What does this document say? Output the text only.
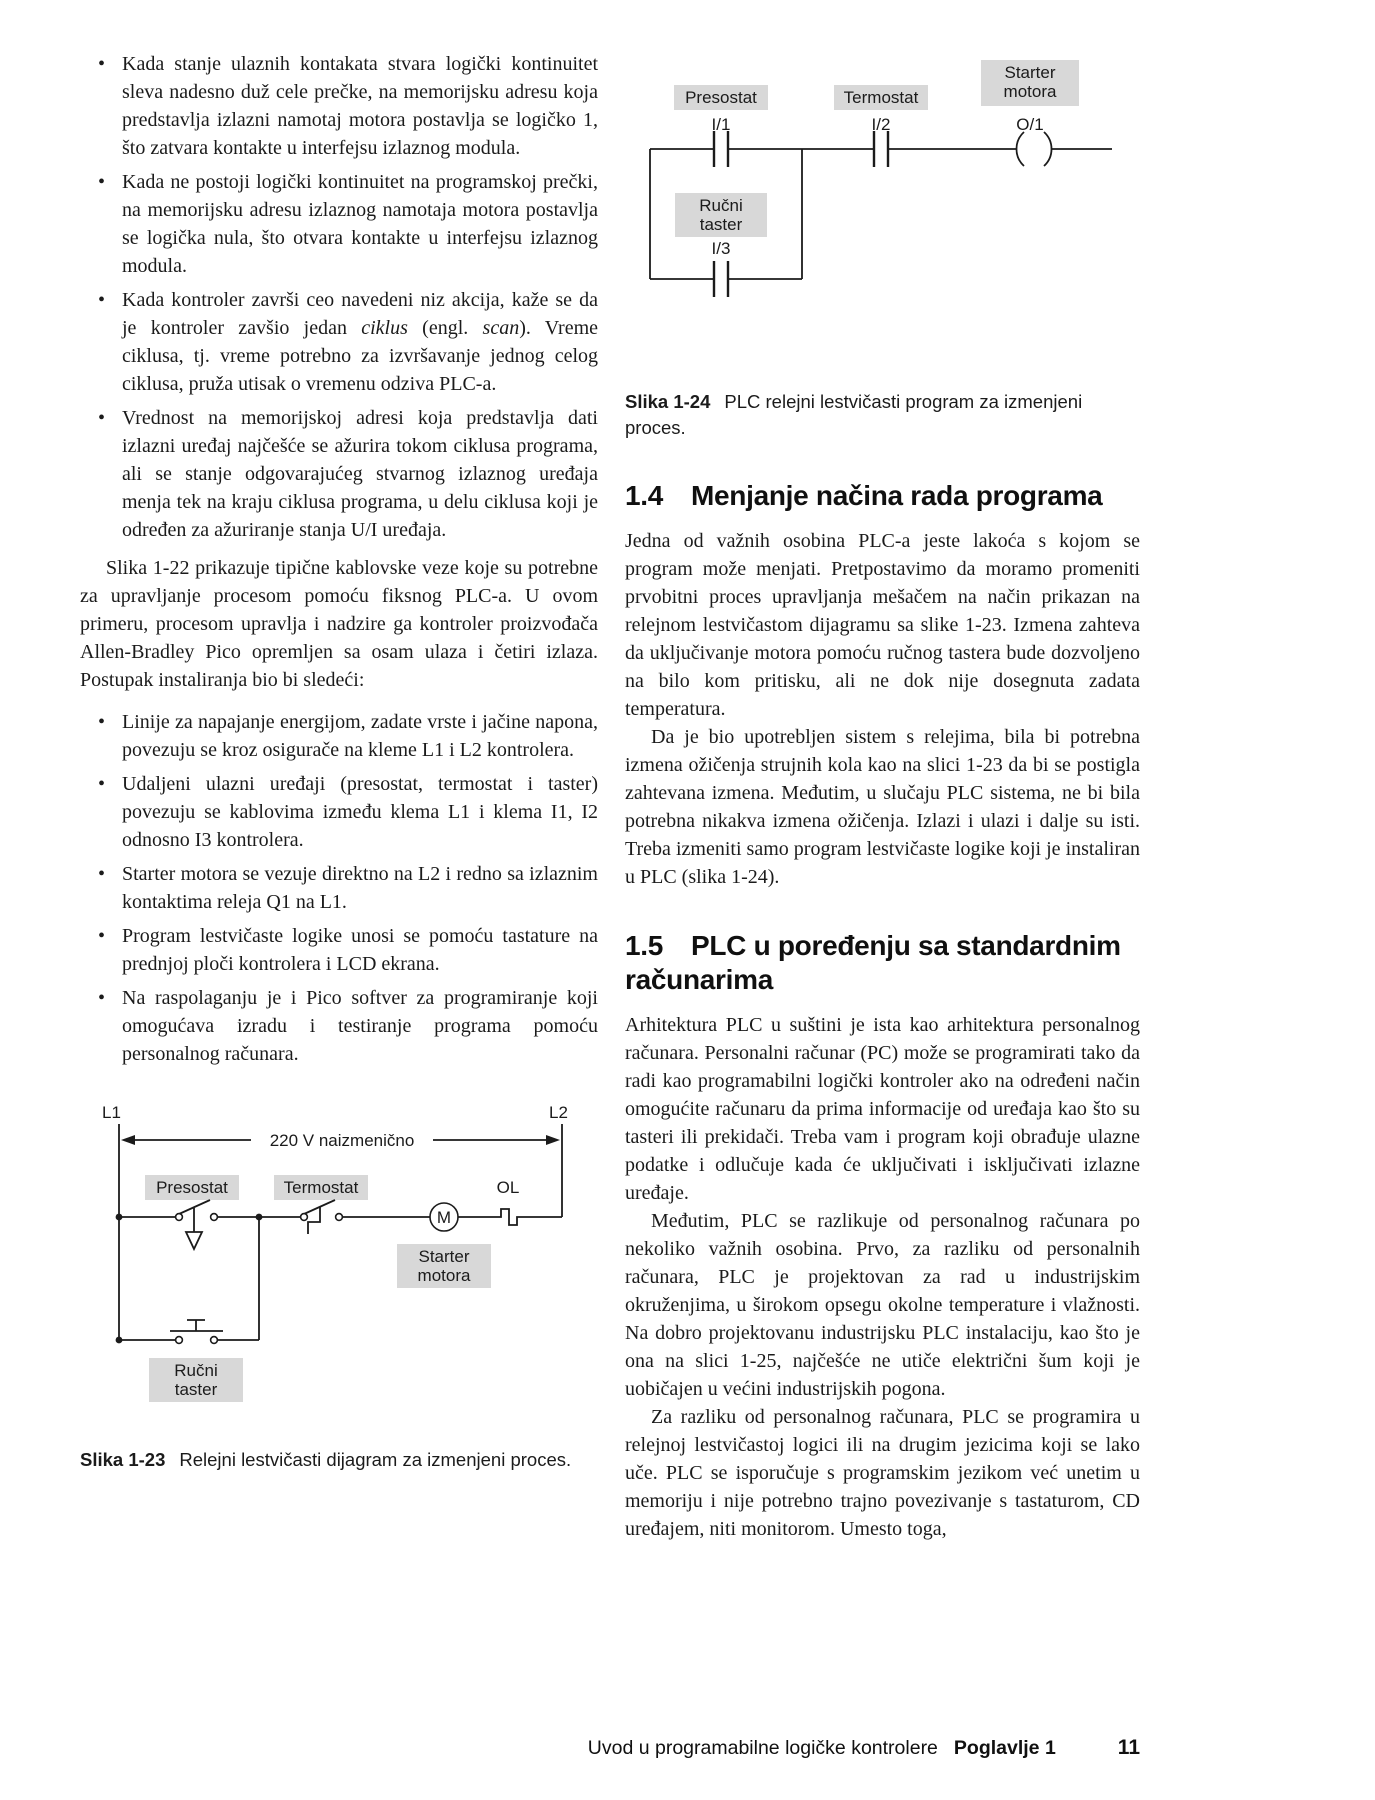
• Kada stanje ulaznih kontakata stvara logički kontinuitet sleva nadesno duž cele prečke, na memorijsku adresu koja predstavlja izlazni namotaj motora postavlja se logičko 1, što zatvara kontakte u interfejsu izlaznog modula.
• Kada ne postoji logički kontinuitet na programskoj prečki, na memorijsku adresu izlaznog namotaja motora postavlja se logička nula, što otvara kontakte u interfejsu izlaznog modula.
• Kada kontroler završi ceo navedeni niz akcija, kaže se da je kontroler zavšio jedan ciklus (engl. scan). Vreme ciklusa, tj. vreme potrebno za izvršavanje jednog celog ciklusa, pruža utisak o vremenu odziva PLC-a.
• Vrednost na memorijskoj adresi koja predstavlja dati izlazni uređaj najčešće se ažurira tokom ciklusa programa, ali se stanje odgovarajućeg stvarnog izlaznog uređaja menja tek na kraju ciklusa programa, u delu ciklusa koji je određen za ažuriranje stanja U/I uređaja.

Slika 1-22 prikazuje tipične kablovske veze koje su potrebne za upravljanje procesom pomoću fiksnog PLC-a. U ovom primeru, procesom upravlja i nadzire ga kontroler proizvođača Allen-Bradley Pico opremljen sa osam ulaza i četiri izlaza. Postupak instaliranja bio bi sledeći:

• Linije za napajanje energijom, zadate vrste i jačine napona, povezuju se kroz osigurače na kleme L1 i L2 kontrolera.
• Udaljeni ulazni uređaji (presostat, termostat i taster) povezuju se kablovima između klema L1 i klema I1, I2 odnosno I3 kontrolera.
• Starter motora se vezuje direktno na L2 i redno sa izlaznim kontaktima releja Q1 na L1.
• Program lestvičaste logike unosi se pomoću tastature na prednjoj ploči kontrolera i LCD ekrana.
• Na raspolaganju je i Pico softver za programiranje koji omogućava izradu i testiranje programa pomoću personalnog računara.
L1	L2
220 V naizmenično
Presostat	Termostat	OL
M
Starter
motora
Ručni
taster
Slika 1-23 Relejni lestvičasti dijagram za izmenjeni proces.
Starter
motora
Presostat	Termostat
I/1	I/2	O/1
Ručni
taster
I/3
Slika 1-24 PLC relejni lestvičasti program za izmenjeni proces.
1.4 Menjanje načina rada programa

Jedna od važnih osobina PLC-a jeste lakoća s kojom se program može menjati. Pretpostavimo da moramo promeniti prvobitni proces upravljanja mešačem na način prikazan na relejnom lestvičastom dijagramu sa slike 1-23. Izmena zahteva da uključivanje motora pomoću ručnog tastera bude dozvoljeno na bilo kom pritisku, ali ne dok nije dosegnuta zadata temperatura.

Da je bio upotrebljen sistem s relejima, bila bi potrebna izmena ožičenja strujnih kola kao na slici 1-23 da bi se postigla zahtevana izmena. Međutim, u slučaju PLC sistema, ne bi bila potrebna nikakva izmena ožičenja. Izlazi i ulazi i dalje su isti. Treba izmeniti samo program lestvičaste logike koji je instaliran u PLC (slika 1-24).

1.5 PLC u poređenju sa standardnim računarima

Arhitektura PLC u suštini je ista kao arhitektura personalnog računara. Personalni računar (PC) može se programirati tako da radi kao programabilni logički kontroler ako na određeni način omogućite računaru da prima informacije od uređaja kao što su tasteri ili prekidači. Treba vam i program koji obrađuje ulazne podatke i odlučuje kada će uključivati i isključivati izlazne uređaje.

Međutim, PLC se razlikuje od personalnog računara po nekoliko važnih osobina. Prvo, za razliku od personalnih računara, PLC je projektovan za rad u industrijskim okruženjima, u širokom opsegu okolne temperature i vlažnosti. Na dobro projektovanu industrijsku PLC instalaciju, kao što je ona na slici 1-25, najčešće ne utiče električni šum koji je uobičajen u većini industrijskih pogona.

Za razliku od personalnog računara, PLC se programira u relejnoj lestvičastoj logici ili na drugim jezicima koji se lako uče. PLC se isporučuje s programskim jezikom već unetim u memoriju i nije potrebno trajno povezivanje s tastaturom, CD uređajem, niti monitorom. Umesto toga,

Uvod u programabilne logičke kontrolere Poglavlje 1	11
